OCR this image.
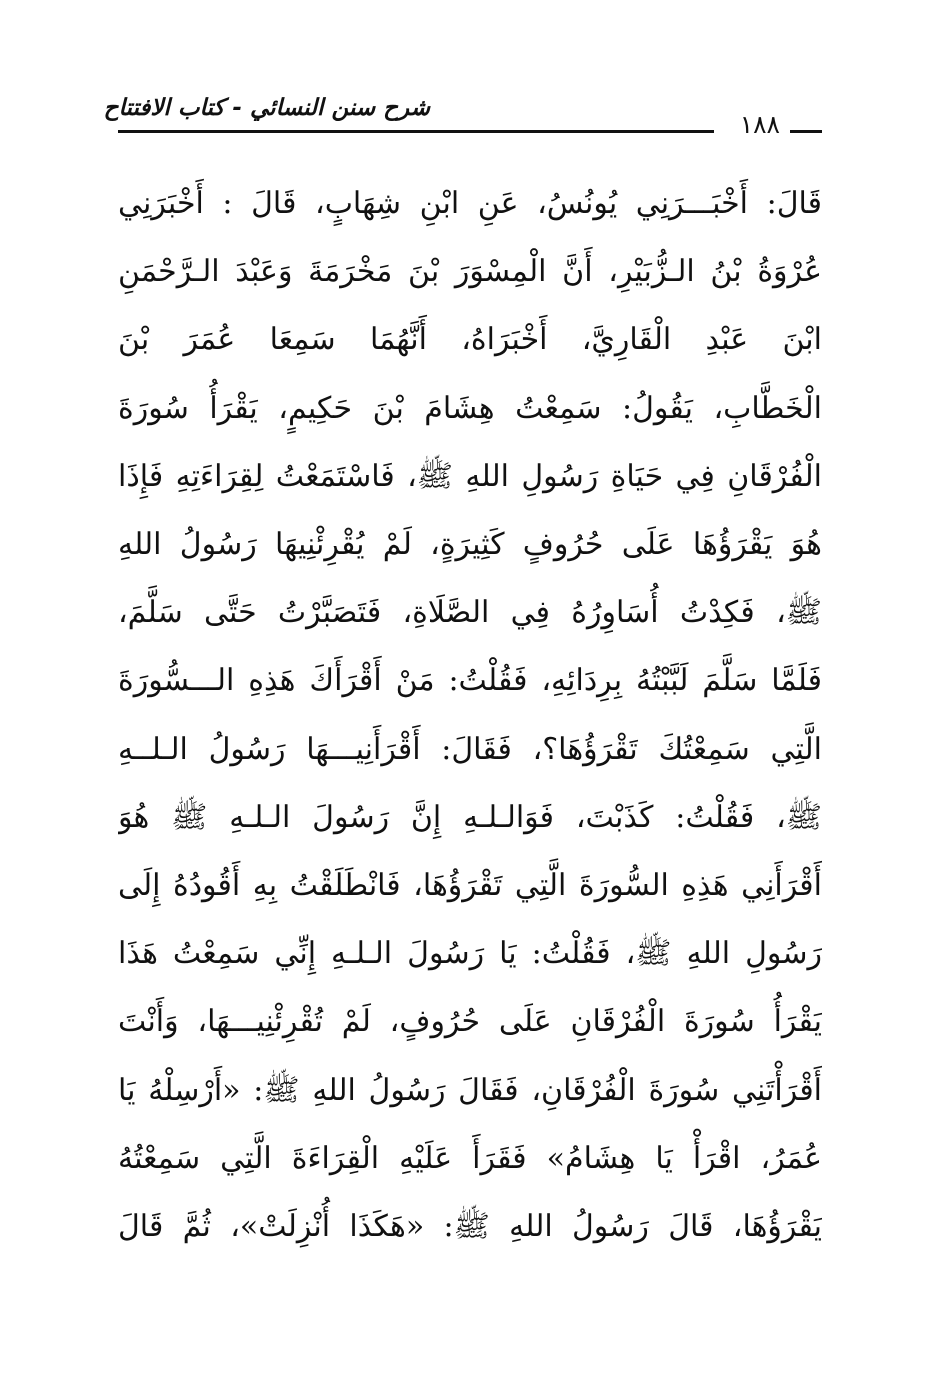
شرح سنن النسائي - كتاب الافتتاح
١٨٨
قَالَ: أَخْبَـــرَنِي يُونُسُ، عَنِ ابْنِ شِهَابٍ، قَالَ : أَخْبَرَنِي
عُرْوَةُ بْنُ الـزُّبَيْرِ، أَنَّ الْمِسْوَرَ بْنَ مَخْرَمَةَ وَعَبْدَ الـرَّحْمَنِ
ابْنَ عَبْدِ الْقَارِيَّ، أَخْبَرَاهُ، أَنَّهُمَا سَمِعَا عُمَرَ بْنَ
الْخَطَّابِ، يَقُولُ: سَمِعْتُ هِشَامَ بْنَ حَكِيمٍ، يَقْرَأُ سُورَةَ
الْفُرْقَانِ فِي حَيَاةِ رَسُولِ اللهِ ﷺ، فَاسْتَمَعْتُ لِقِرَاءَتِهِ فَإِذَا
هُوَ يَقْرَؤُهَا عَلَى حُرُوفٍ كَثِيرَةٍ، لَمْ يُقْرِئْنِيهَا رَسُولُ اللهِ
ﷺ، فَكِدْتُ أُسَاوِرُهُ فِي الصَّلَاةِ، فَتَصَبَّرْتُ حَتَّى سَلَّمَ،
فَلَمَّا سَلَّمَ لَبَّبْتُهُ بِرِدَائِهِ، فَقُلْتُ: مَنْ أَقْرَأَكَ هَذِهِ الـــسُّورَةَ
الَّتِي سَمِعْتُكَ تَقْرَؤُهَا؟، فَقَالَ: أَقْرَأَنِيـــهَا رَسُولُ الـلــهِ
ﷺ، فَقُلْتُ: كَذَبْتَ، فَوَالـلـهِ إِنَّ رَسُولَ الـلـهِ ﷺ هُوَ
أَقْرَأَنِي هَذِهِ السُّورَةَ الَّتِي تَقْرَؤُهَا، فَانْطَلَقْتُ بِهِ أَقُودُهُ إِلَى
رَسُولِ اللهِ ﷺ، فَقُلْتُ: يَا رَسُولَ الـلـهِ إِنِّي سَمِعْتُ هَذَا
يَقْرَأُ سُورَةَ الْفُرْقَانِ عَلَى حُرُوفٍ، لَمْ تُقْرِئْنِيـــهَا، وَأَنْتَ
أَقْرَأْتَنِي سُورَةَ الْفُرْقَانِ، فَقَالَ رَسُولُ اللهِ ﷺ: «أَرْسِلْهُ يَا
عُمَرُ، اقْرَأْ يَا هِشَامُ» فَقَرَأَ عَلَيْهِ الْقِرَاءَةَ الَّتِي سَمِعْتُهُ
يَقْرَؤُهَا، قَالَ رَسُولُ اللهِ ﷺ: «هَكَذَا أُنْزِلَتْ»، ثُمَّ قَالَ
